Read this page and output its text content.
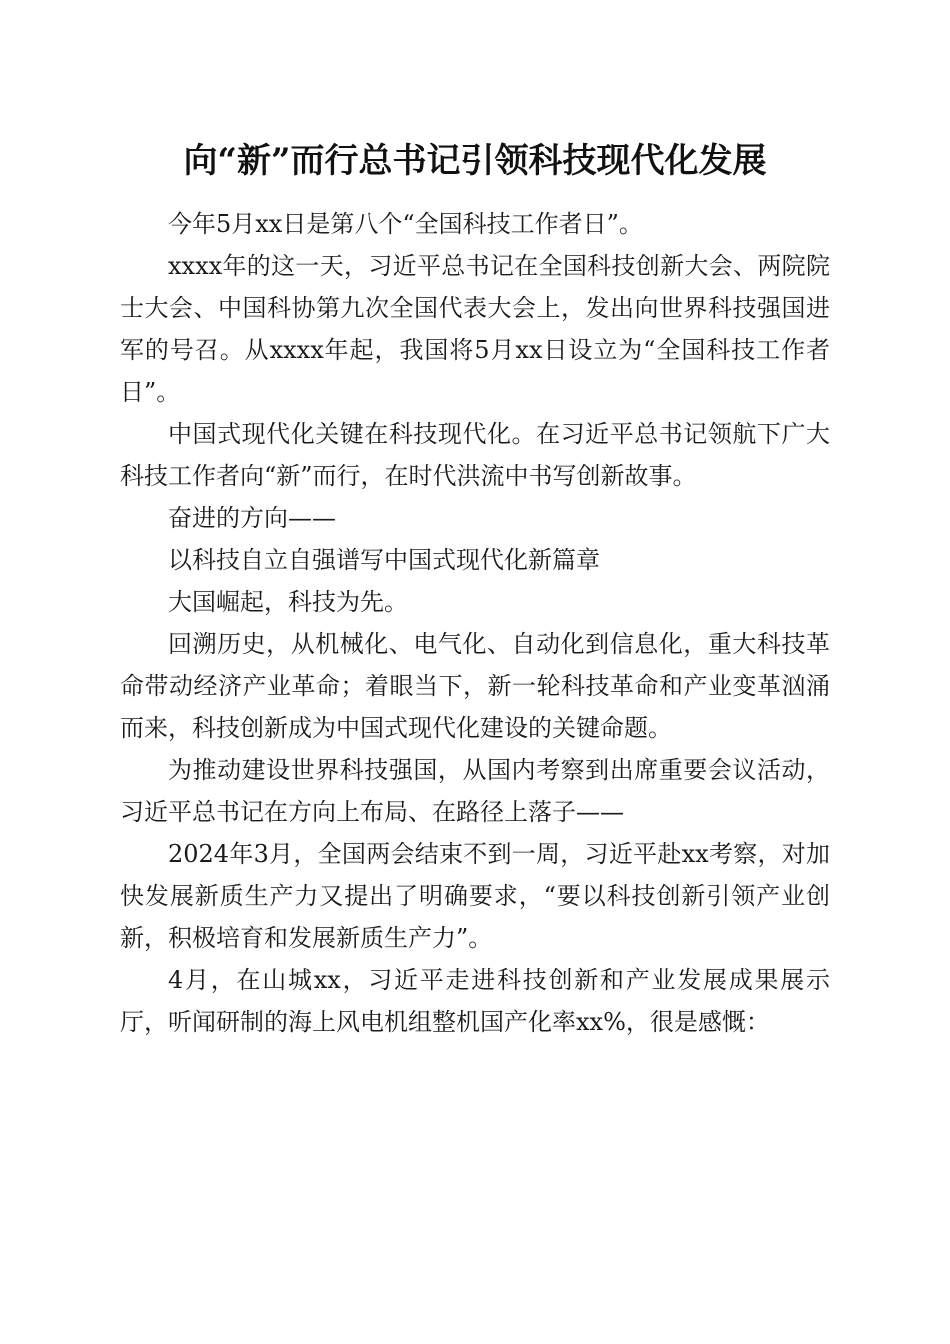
向“新”而行总书记引领科技现代化发展

今年5月xx日是第八个“全国科技工作者日”。

xxxx年的这一天，习近平总书记在全国科技创新大会、两院院士大会、中国科协第九次全国代表大会上，发出向世界科技强国进军的号召。从xxxx年起，我国将5月xx日设立为“全国科技工作者日”。

中国式现代化关键在科技现代化。在习近平总书记领航下广大科技工作者向“新”而行，在时代洪流中书写创新故事。

奋进的方向——

以科技自立自强谱写中国式现代化新篇章

大国崛起，科技为先。

回溯历史，从机械化、电气化、自动化到信息化，重大科技革命带动经济产业革命；着眼当下，新一轮科技革命和产业变革汹涌而来，科技创新成为中国式现代化建设的关键命题。

为推动建设世界科技强国，从国内考察到出席重要会议活动，习近平总书记在方向上布局、在路径上落子——

2024年3月，全国两会结束不到一周，习近平赴xx考察，对加快发展新质生产力又提出了明确要求，“要以科技创新引领产业创新，积极培育和发展新质生产力”。

4月，在山城xx，习近平走进科技创新和产业发展成果展示厅，听闻研制的海上风电机组整机国产化率xx%，很是感慨：
